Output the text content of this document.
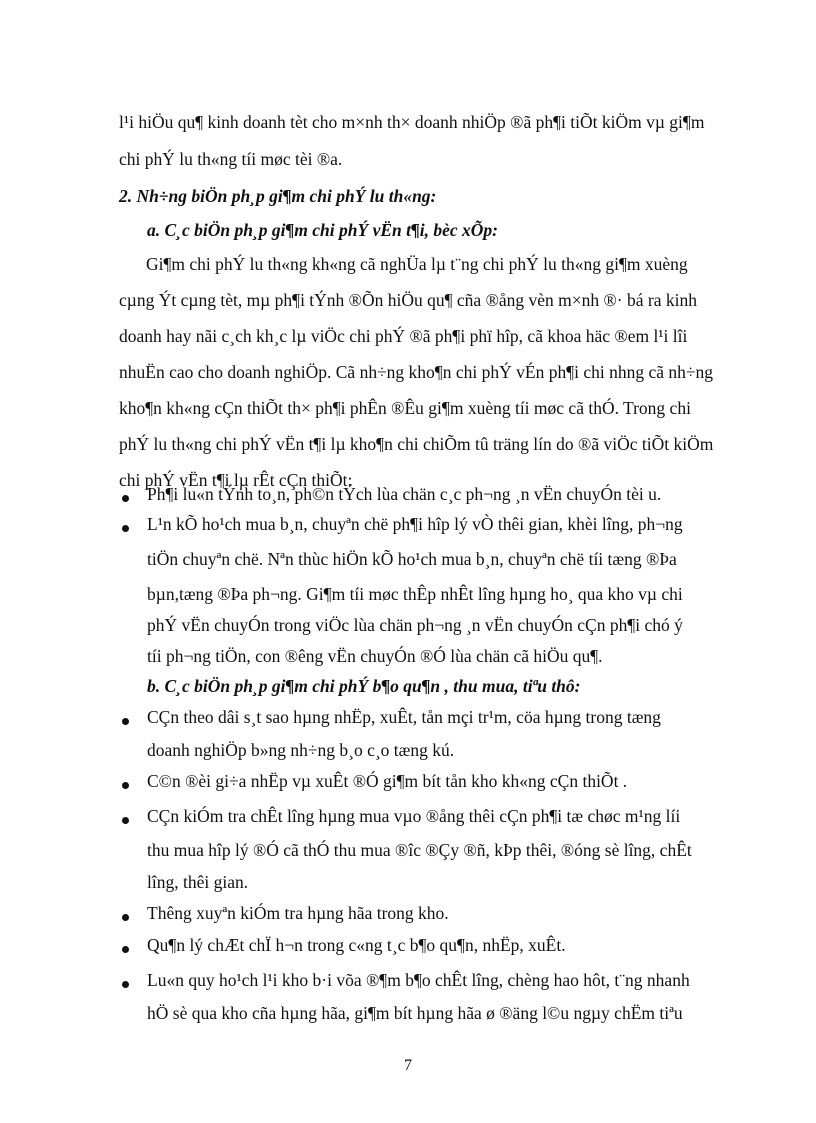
l¹i hiÖu qu¶ kinh doanh tèt cho m×nh th× doanh nhiÖp ®ã ph¶i tiÕt kiÖm vµ gi¶m
chi phÝ lu th«ng tíi møc tèi ®a.
2. Nh÷ng biÖn ph¸p gi¶m chi phÝ lu th«ng:
a. C¸c biÖn ph¸p gi¶m chi phÝ vËn t¶i, bèc xÕp:
Gi¶m chi phÝ lu th«ng kh«ng cã nghÜa lµ t¨ng chi phÝ lu th«ng gi¶m xuèng
cµng Ýt cµng tèt, mµ ph¶i tÝnh ®Õn hiÖu qu¶ cña ®ång vèn m×nh ®· bá ra kinh
doanh hay nãi c¸ch kh¸c lµ viÖc chi phÝ ®ã ph¶i phï hîp, cã khoa häc ®em l¹i lîi
nhuËn cao cho doanh nghiÖp. Cã nh÷ng kho¶n chi phÝ vÉn ph¶i chi nhng cã nh÷ng
kho¶n kh«ng cÇn thiÕt th× ph¶i phÊn ®Êu gi¶m xuèng tíi møc cã thÓ. Trong chi
phÝ lu th«ng chi phÝ vËn t¶i lµ kho¶n chi chiÕm tû träng lín do ®ã viÖc tiÕt kiÖm
chi phÝ vËn t¶i lµ rÊt cÇn thiÕt:
Ph¶i lu«n tÝnh to¸n, ph©n tÝch lùa chän c¸c ph¬ng ¸n vËn chuyÓn tèi u.
L¹n kÕ ho¹ch mua b¸n, chuyªn chë ph¶i hîp lý vÒ thêi gian, khèi lîng, ph¬ng
tiÖn chuyªn chë. Nªn thùc hiÖn kÕ ho¹ch mua b¸n, chuyªn chë tíi tæng ®Þa
bµn,tæng ®Þa ph¬ng. Gi¶m tíi møc thÊp nhÊt lîng hµng ho¸ qua kho vµ chi
phÝ vËn chuyÓn trong viÖc lùa chän ph¬ng ¸n vËn chuyÓn cÇn ph¶i chó ý
tíi ph¬ng tiÖn, con ®êng vËn chuyÓn ®Ó lùa chän cã hiÖu qu¶.
b. C¸c biÖn ph¸p gi¶m chi phÝ b¶o qu¶n , thu mua, tiªu thô:
CÇn theo dâi s¸t sao hµng nhËp, xuÊt, tån mçi tr¹m, cöa hµng trong tæng
doanh nghiÖp b»ng nh÷ng b¸o c¸o tæng kú.
C©n ®èi gi÷a nhËp vµ xuÊt ®Ó gi¶m bít tån kho kh«ng cÇn thiÕt .
CÇn kiÓm tra chÊt lîng hµng mua vµo ®ång thêi cÇn ph¶i tæ chøc m¹ng líi
thu mua hîp lý ®Ó cã thÓ thu mua ®îc ®Çy ®ñ, kÞp thêi, ®óng sè lîng, chÊt
lîng, thêi gian.
Thêng xuyªn kiÓm tra hµng hãa trong kho.
Qu¶n lý chÆt chÏ h¬n trong c«ng t¸c b¶o qu¶n, nhËp, xuÊt.
Lu«n quy ho¹ch l¹i kho b·i võa ®¶m b¶o chÊt lîng, chèng hao hôt, t¨ng nhanh
hÖ sè qua kho cña hµng hãa, gi¶m bít hµng hãa ø ®äng l©u ngµy chËm tiªu
7
